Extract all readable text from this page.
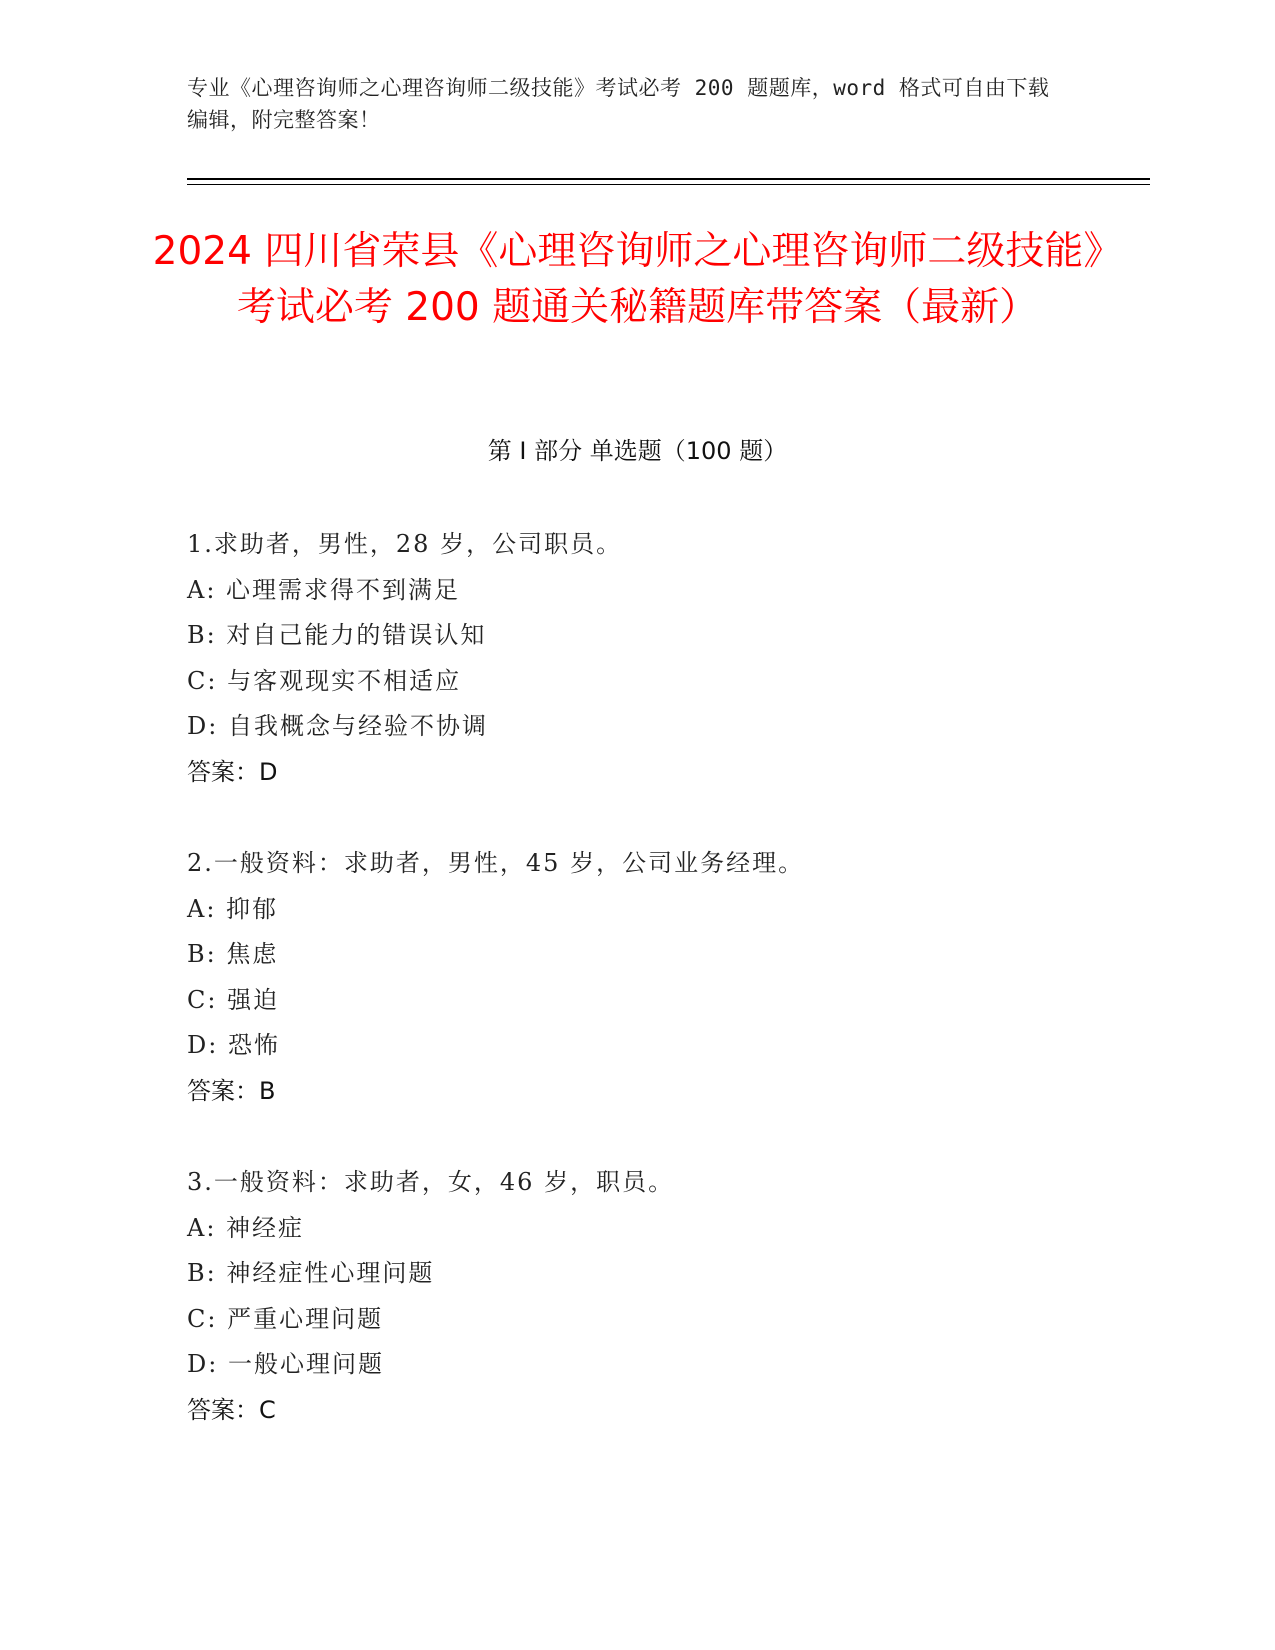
专业《心理咨询师之心理咨询师二级技能》考试必考 200 题题库，word 格式可自由下载编辑，附完整答案！
2024 四川省荣县《心理咨询师之心理咨询师二级技能》考试必考 200 题通关秘籍题库带答案（最新）
第 I 部分 单选题（100 题）
1.求助者，男性，28 岁，公司职员。
A: 心理需求得不到满足
B: 对自己能力的错误认知
C: 与客观现实不相适应
D: 自我概念与经验不协调
答案：D
2.一般资料：求助者，男性，45 岁，公司业务经理。
A: 抑郁
B: 焦虑
C: 强迫
D: 恐怖
答案：B
3.一般资料：求助者，女，46 岁，职员。
A: 神经症
B: 神经症性心理问题
C: 严重心理问题
D: 一般心理问题
答案：C
